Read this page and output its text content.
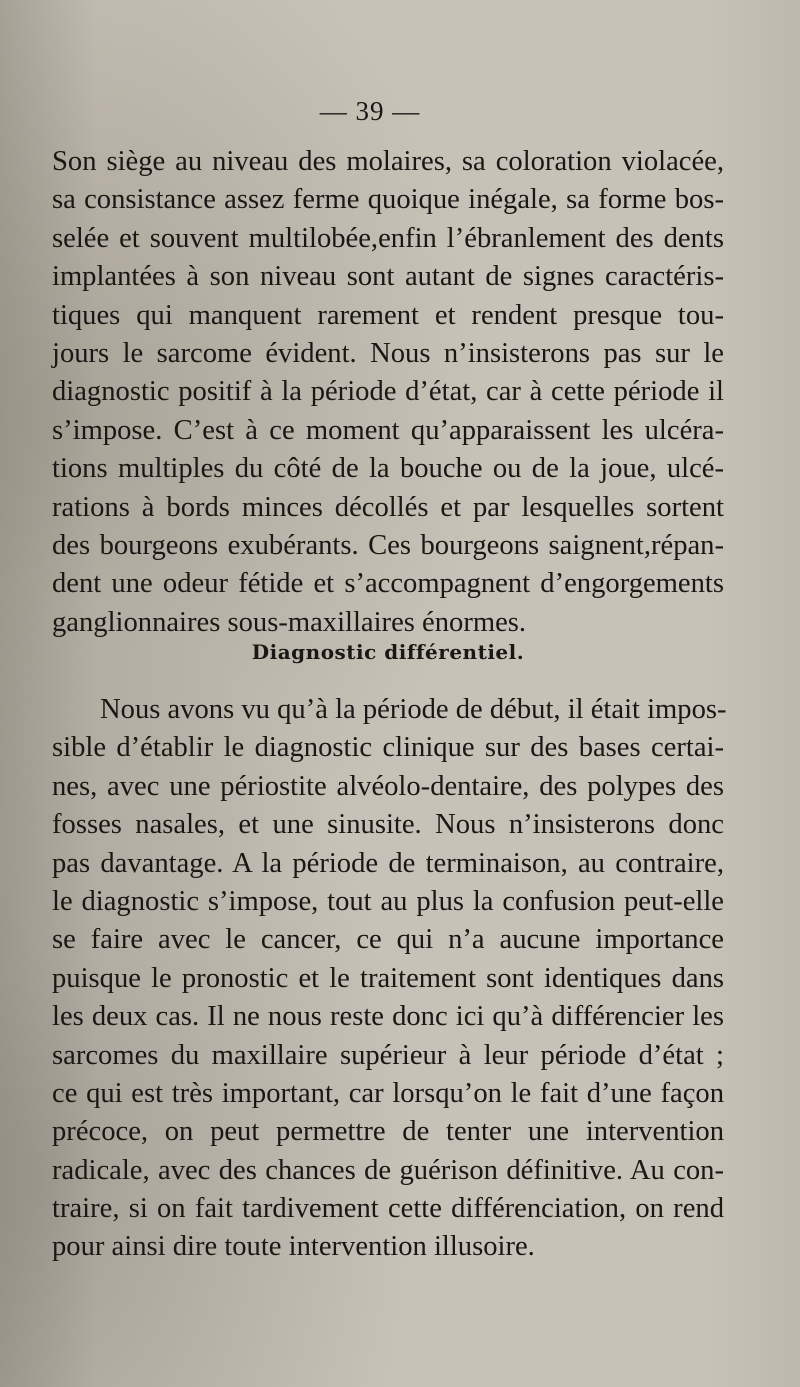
— 39 —

Son siège au niveau des molaires, sa coloration violacée,
sa consistance assez ferme quoique inégale, sa forme bos-
selée et souvent multilobée,enfin l’ébranlement des dents
implantées à son niveau sont autant de signes caractéris-
tiques qui manquent rarement et rendent presque tou-
jours le sarcome évident. Nous n’insisterons pas sur le
diagnostic positif à la période d’état, car à cette période il
s’impose. C’est à ce moment qu’apparaissent les ulcéra-
tions multiples du côté de la bouche ou de la joue, ulcé-
rations à bords minces décollés et par lesquelles sortent
des bourgeons exubérants. Ces bourgeons saignent,répan-
dent une odeur fétide et s’accompagnent d’engorgements
ganglionnaires sous-maxillaires énormes.
Diagnostic différentiel.
Nous avons vu qu’à la période de début, il était impos-
sible d’établir le diagnostic clinique sur des bases certai-
nes, avec une périostite alvéolo-dentaire, des polypes des
fosses nasales, et une sinusite. Nous n’insisterons donc
pas davantage. A la période de terminaison, au contraire,
le diagnostic s’impose, tout au plus la confusion peut-elle
se faire avec le cancer, ce qui n’a aucune importance
puisque le pronostic et le traitement sont identiques dans
les deux cas. Il ne nous reste donc ici qu’à différencier les
sarcomes du maxillaire supérieur à leur période d’état ;
ce qui est très important, car lorsqu’on le fait d’une façon
précoce, on peut permettre de tenter une intervention
radicale, avec des chances de guérison définitive. Au con-
traire, si on fait tardivement cette différenciation, on rend
pour ainsi dire toute intervention illusoire.
